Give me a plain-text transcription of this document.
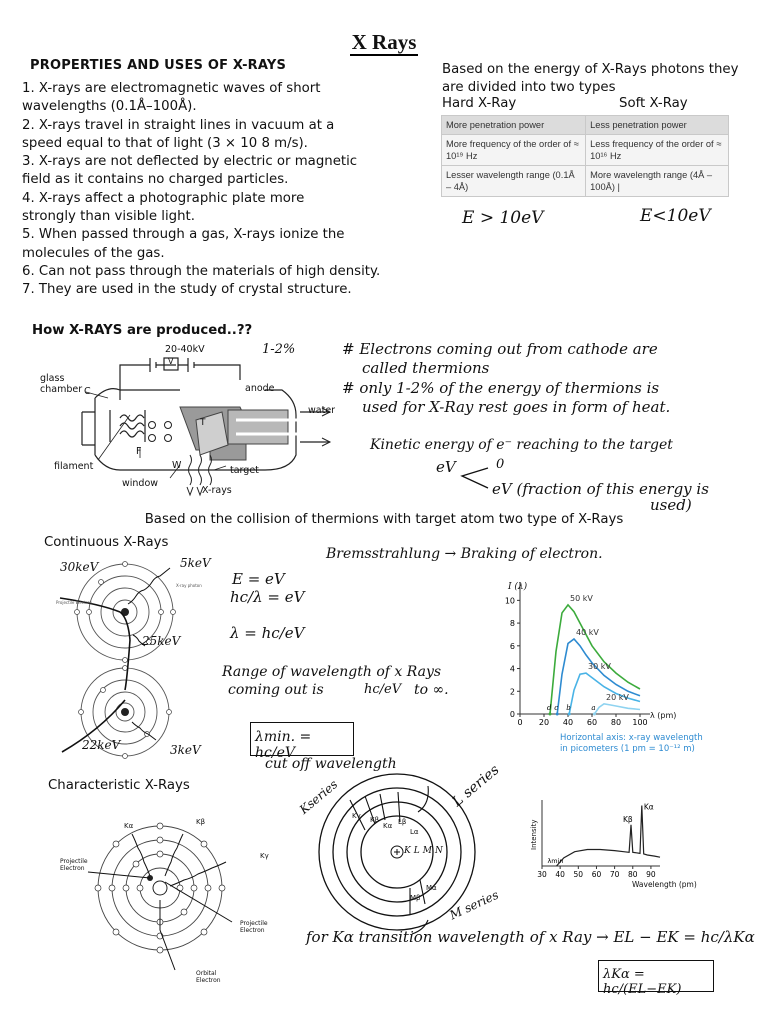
X Rays
PROPERTIES AND USES OF X-RAYS
1. X-rays are electromagnetic waves of short
wavelengths (0.1Å–100Å).
2. X-rays travel in straight lines in vacuum at a
speed equal to that of light (3 × 10 8 m/s).
3. X-rays are not deflected by electric or magnetic
field as it contains no charged particles.
4. X-rays affect a photographic plate more
strongly than visible light.
5. When passed through a gas, X-rays ionize the
molecules of the gas.
6. Can not pass through the materials of high density.
7. They are used in the study of crystal structure.
Based on the energy of X-Rays photons they are divided into two types
Hard X-Ray	Soft X-Ray
More penetration power	Less penetration power
More frequency of the order of ≈ 10¹⁹ Hz	Less frequency of the order of ≈ 10¹⁶ Hz
Lesser wavelength range (0.1Å – 4Å)	More wavelength range (4Å – 100Å) |
E > 10eV	E<10eV
How X-RAYS are produced..??
20-40kV	1-2%
V
glass chamber C	anode
water
T
F
filament	W	target
window
X-rays
# Electrons coming out from cathode are
called thermions
# only 1-2% of the energy of thermions is
used for X-Ray rest goes in form of heat.
Kinetic energy of e⁻ reaching to the target
eV	0
eV (fraction of this energy is
used)
Based on the collision of thermions with target atom two type of X-Rays
Continuous X-Rays
30keV	5keV
25keV
22keV	3keV
X-ray photon
Projectile Electron
Bremsstrahlung → Braking of electron.
E = eV
hc/λ = eV
λ = hc/eV
Range of wavelength of x Rays
coming out is	hc/eV to ∞.
λmin. = hc/eV
cut off wavelength
0 20 40 60 80 100
0
2
4
6
8
10	50 kV
40 kV
30 kV
20 kV
a
b
c
d
I (λ)
λ (pm)
Horizontal axis: x-ray wavelength
in picometers (1 pm = 10⁻¹² m)
Characteristic X-Rays
Projectile Electron
Projectile Electron
Orbital Electron
Kα	Kβ
Kγ
Kseries	L series
M series
Kγ Kβ
Kα Lβ
Lα
Mβ
Mα
KLMN
30 40 50 60 70 80 90
Kα
Kβ
λmin
Intensity
Wavelength (pm)
for Kα transition wavelength of x Ray → EL − EK = hc/λKα
λKα = hc/(EL−EK)
